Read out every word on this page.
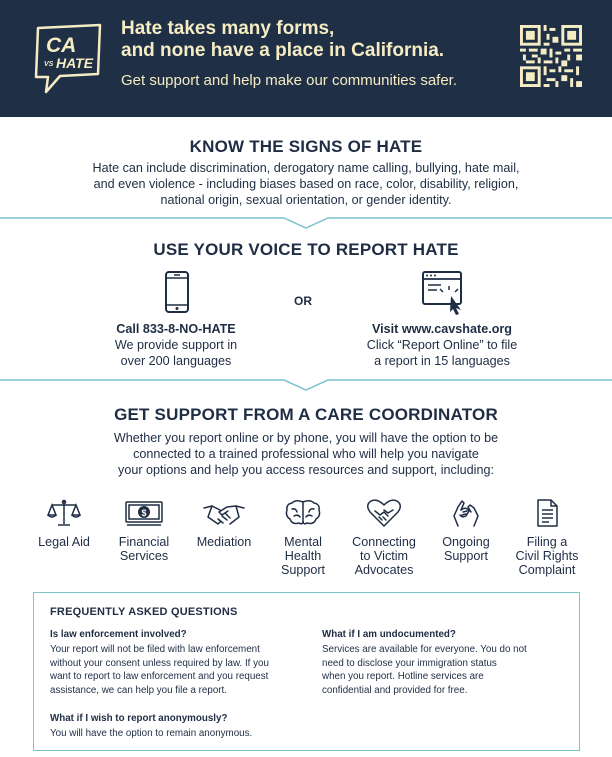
CA
VS HATE
Hate takes many forms,
and none have a place in California.
Get support and help make our communities safer.
KNOW THE SIGNS OF HATE
Hate can include discrimination, derogatory name calling, bullying, hate mail,
and even violence - including biases based on race, color, disability, religion,
national origin, sexual orientation, or gender identity.
USE YOUR VOICE TO REPORT HATE
OR
Call 833-8-NO-HATE
We provide support in
over 200 languages
Visit www.cavshate.org
Click “Report Online” to file
a report in 15 languages
GET SUPPORT FROM A CARE COORDINATOR
Whether you report online or by phone, you will have the option to be
connected to a trained professional who will help you navigate
your options and help you access resources and support, including:
Legal Aid
$
Financial
Services
Mediation	Mental
Health
Support
Connecting
to Victim
Advocates
Ongoing
Support
Filing a
Civil Rights
Complaint
FREQUENTLY ASKED QUESTIONS
Is law enforcement involved?
Your report will not be filed with law enforcement
without your consent unless required by law. If you
want to report to law enforcement and you request
assistance, we can help you file a report.
What if I wish to report anonymously?
You will have the option to remain anonymous.
What if I am undocumented?
Services are available for everyone. You do not
need to disclose your immigration status
when you report. Hotline services are
confidential and provided for free.
